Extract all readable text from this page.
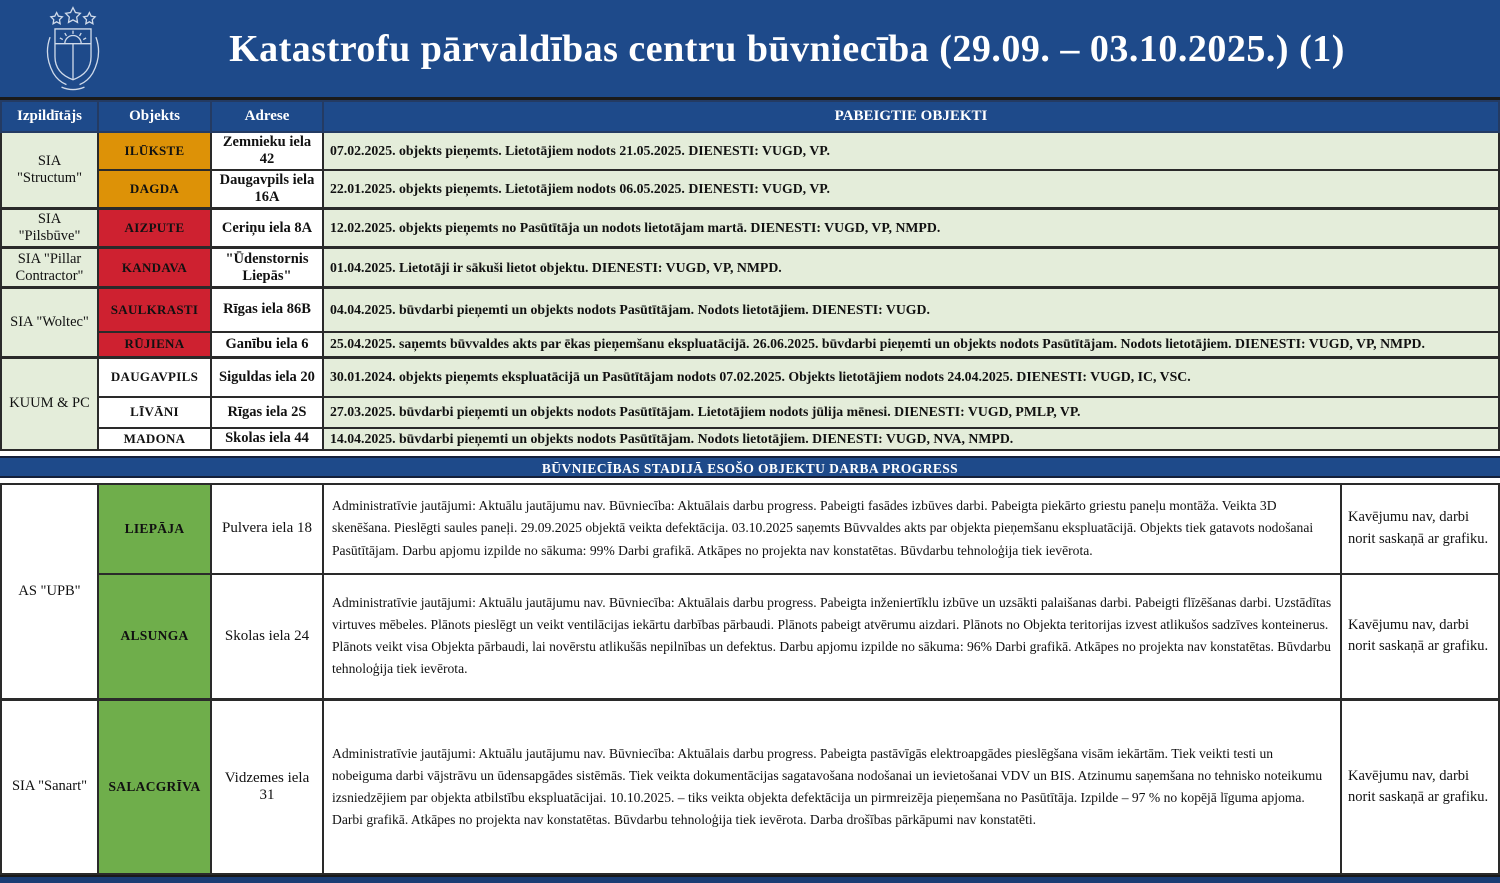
Katastrofu pārvaldības centru būvniecība (29.09. – 03.10.2025.) (1)
Izpildītājs	Objekts	Adrese	PABEIGTIE OBJEKTI
SIA "Structum"	ILŪKSTE	Zemnieku iela 42	07.02.2025. objekts pieņemts. Lietotājiem nodots 21.05.2025. DIENESTI: VUGD, VP.
	DAGDA	Daugavpils iela 16A	22.01.2025. objekts pieņemts. Lietotājiem nodots 06.05.2025. DIENESTI: VUGD, VP.
SIA "Pilsbūve"	AIZPUTE	Ceriņu iela 8A	12.02.2025. objekts pieņemts no Pasūtītāja un nodots lietotājam martā. DIENESTI: VUGD, VP, NMPD.
SIA "Pillar Contractor"	KANDAVA	"Ūdenstornis Liepās"	01.04.2025. Lietotāji ir sākuši lietot objektu. DIENESTI: VUGD, VP, NMPD.
SIA "Woltec"	SAULKRASTI	Rīgas iela 86B	04.04.2025. būvdarbi pieņemti un objekts nodots Pasūtītājam. Nodots lietotājiem. DIENESTI: VUGD.
	RŪJIENA	Ganību iela 6	25.04.2025. saņemts būvvaldes akts par ēkas pieņemšanu ekspluatācijā. 26.06.2025. būvdarbi pieņemti un objekts nodots Pasūtītājam. Nodots lietotājiem. DIENESTI: VUGD, VP, NMPD.
KUUM & PC	DAUGAVPILS	Siguldas iela 20	30.01.2024. objekts pieņemts ekspluatācijā un Pasūtītājam nodots 07.02.2025. Objekts lietotājiem nodots 24.04.2025. DIENESTI: VUGD, IC, VSC.
	LĪVĀNI	Rīgas iela 2S	27.03.2025. būvdarbi pieņemti un objekts nodots Pasūtītājam. Lietotājiem nodots jūlija mēnesi. DIENESTI: VUGD, PMLP, VP.
	MADONA	Skolas iela 44	14.04.2025. būvdarbi pieņemti un objekts nodots Pasūtītājam. Nodots lietotājiem. DIENESTI: VUGD, NVA, NMPD.
BŪVNIECĪBAS STADIJĀ ESOŠO OBJEKTU DARBA PROGRESS
AS "UPB"	LIEPĀJA	Pulvera iela 18	Administratīvie jautājumi: Aktuālu jautājumu nav. Būvniecība: Aktuālais darbu progress. Pabeigti fasādes izbūves darbi. Pabeigta piekārto griestu paneļu montāža. Veikta 3D skenēšana. Pieslēgti saules paneļi. 29.09.2025 objektā veikta defektācija. 03.10.2025 saņemts Būvvaldes akts par objekta pieņemšanu ekspluatācijā. Objekts tiek gatavots nodošanai Pasūtītājam. Darbu apjomu izpilde no sākuma: 99% Darbi grafikā. Atkāpes no projekta nav konstatētas. Būvdarbu tehnoloģija tiek ievērota.	Kavējumu nav, darbi norit saskaņā ar grafiku.
	ALSUNGA	Skolas iela 24	Administratīvie jautājumi: Aktuālu jautājumu nav. Būvniecība: Aktuālais darbu progress. Pabeigta inženiertīklu izbūve un uzsākti palaišanas darbi. Pabeigti flīzēšanas darbi. Uzstādītas virtuves mēbeles. Plānots pieslēgt un veikt ventilācijas iekārtu darbības pārbaudi. Plānots pabeigt atvērumu aizdari. Plānots no Objekta teritorijas izvest atlikušos sadzīves konteinerus. Plānots veikt visa Objekta pārbaudi, lai novērstu atlikušās nepilnības un defektus. Darbu apjomu izpilde no sākuma: 96% Darbi grafikā. Atkāpes no projekta nav konstatētas. Būvdarbu tehnoloģija tiek ievērota.	Kavējumu nav, darbi norit saskaņā ar grafiku.
SIA "Sanart"	SALACGRĪVA	Vidzemes iela 31	Administratīvie jautājumi: Aktuālu jautājumu nav. Būvniecība: Aktuālais darbu progress. Pabeigta pastāvīgās elektroapgādes pieslēgšana visām iekārtām. Tiek veikti testi un nobeiguma darbi vājstrāvu un ūdensapgādes sistēmās. Tiek veikta dokumentācijas sagatavošana nodošanai un ievietošanai VDV un BIS. Atzinumu saņemšana no tehnisko noteikumu izsniedzējiem par objekta atbilstību ekspluatācijai. 10.10.2025. – tiks veikta objekta defektācija un pirmreizēja pieņemšana no Pasūtītāja. Izpilde – 97 % no kopējā līguma apjoma. Darbi grafikā. Atkāpes no projekta nav konstatētas. Būvdarbu tehnoloģija tiek ievērota. Darba drošības pārkāpumi nav konstatēti.	Kavējumu nav, darbi norit saskaņā ar grafiku.
